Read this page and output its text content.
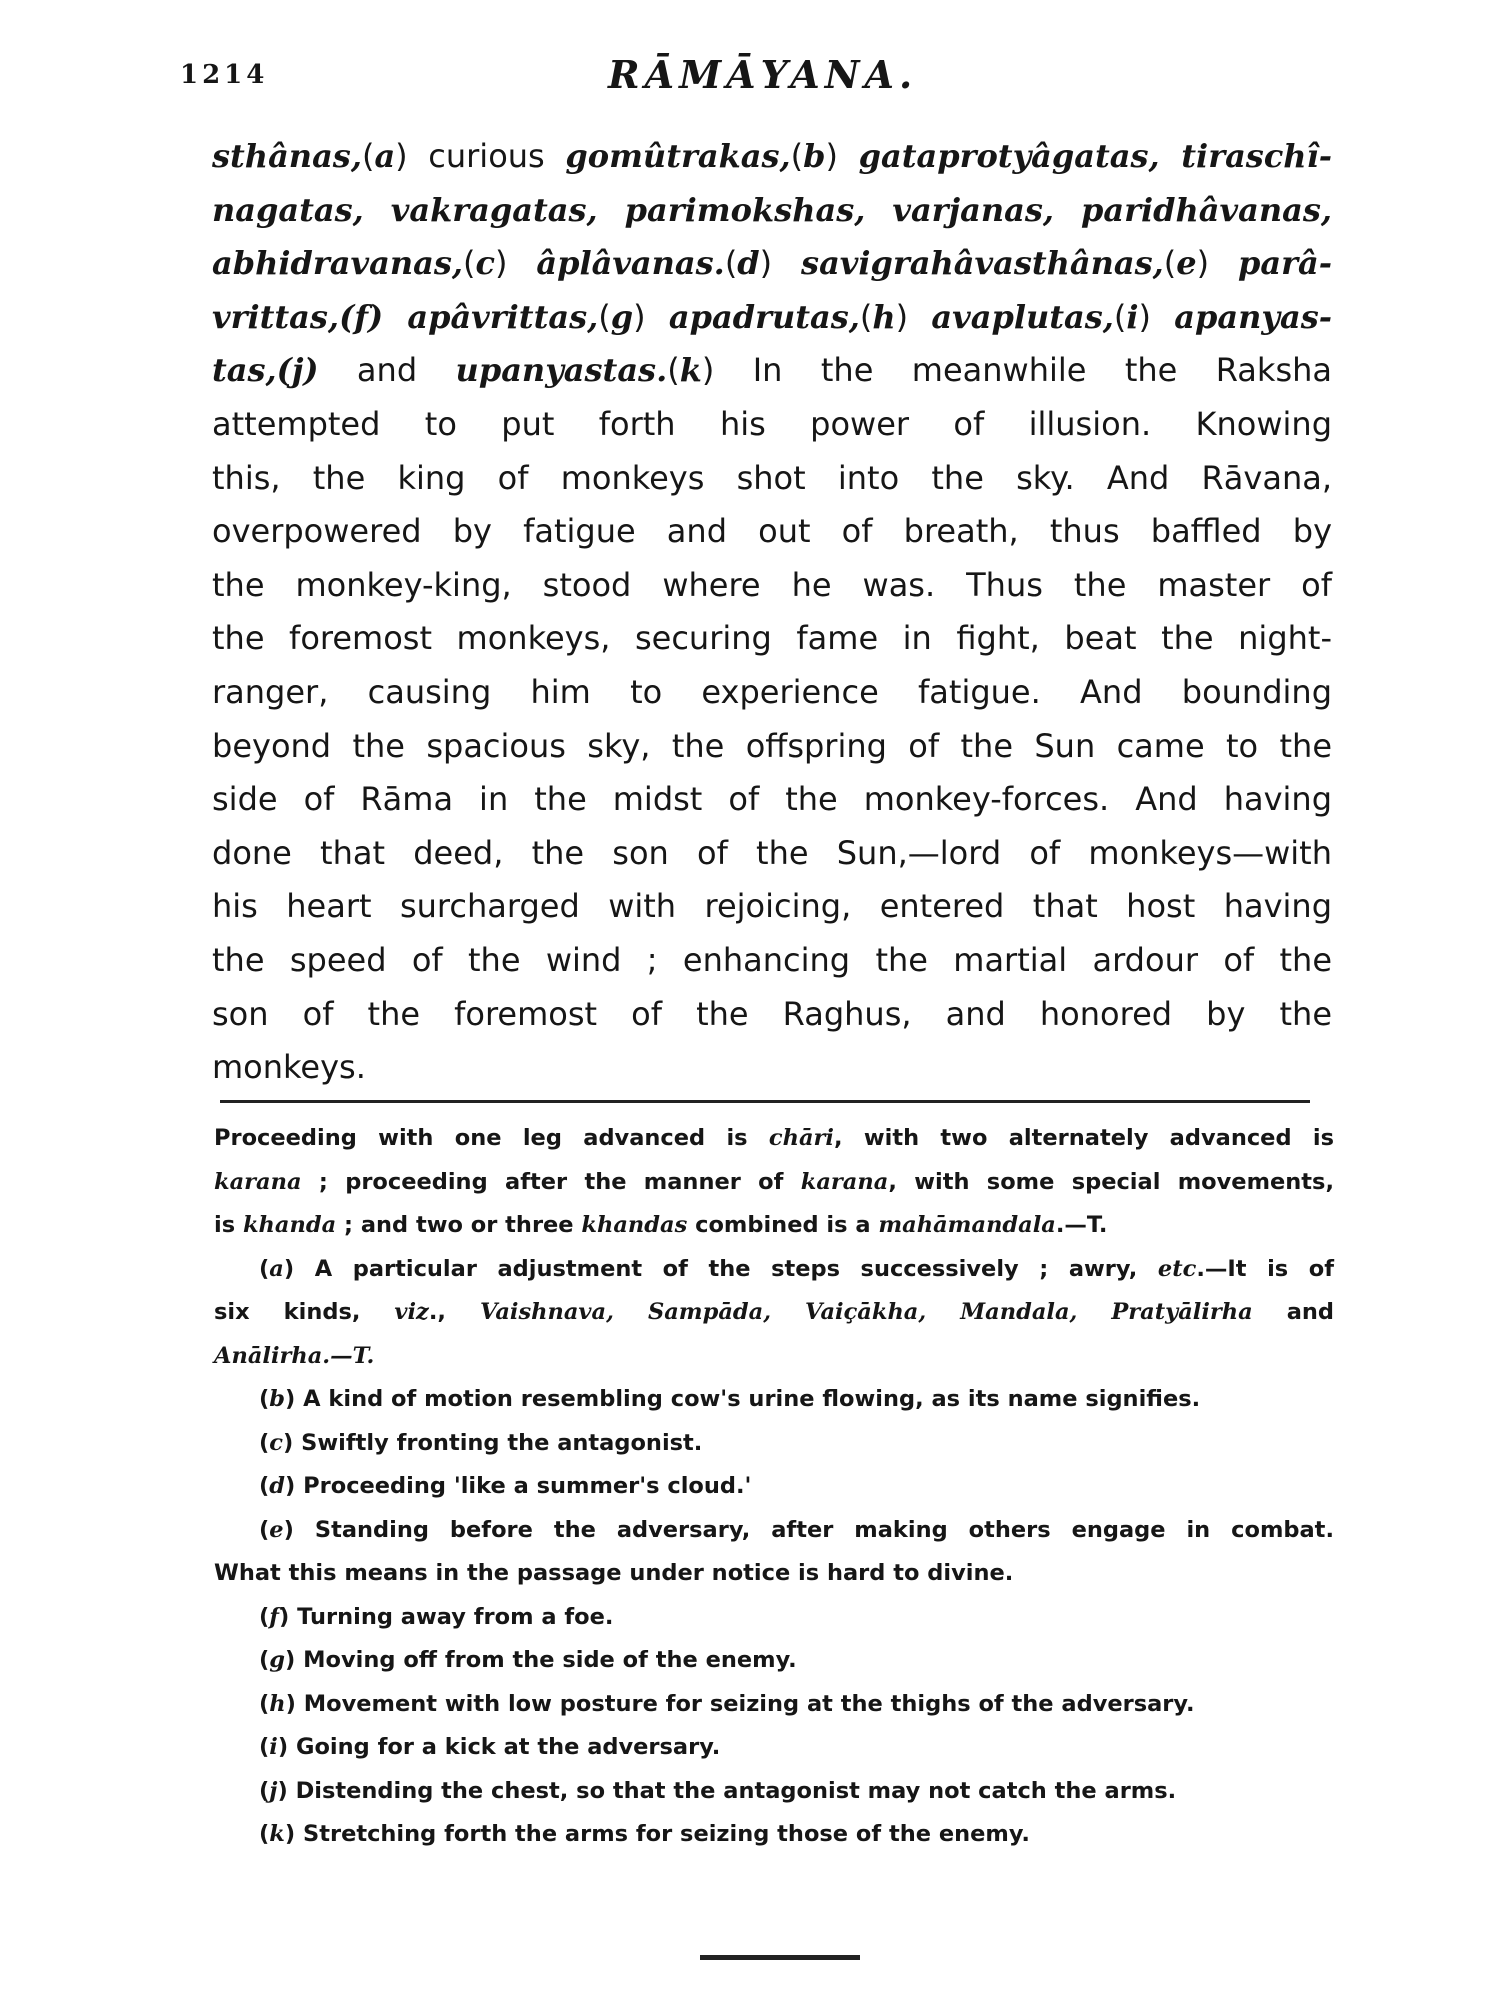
1214	RĀMĀYANA.
sthânas,(a) curious gomûtrakas,(b) gataprotyâgatas, tiraschî-
nagatas, vakragatas, parimokshas, varjanas, paridhâvanas,
abhidravanas,(c) âplâvanas.(d) savigrahâvasthânas,(e) parâ-
vrittas,(f) apâvrittas,(g) apadrutas,(h) avaplutas,(i) apanyas-
tas,(j) and upanyastas.(k) In the meanwhile the Raksha
attempted to put forth his power of illusion. Knowing
this, the king of monkeys shot into the sky. And Rāvana,
overpowered by fatigue and out of breath, thus baffled by
the monkey-king, stood where he was. Thus the master of
the foremost monkeys, securing fame in fight, beat the night-
ranger, causing him to experience fatigue. And bounding
beyond the spacious sky, the offspring of the Sun came to the
side of Rāma in the midst of the monkey-forces. And having
done that deed, the son of the Sun,—lord of monkeys—with
his heart surcharged with rejoicing, entered that host having
the speed of the wind ; enhancing the martial ardour of the
son of the foremost of the Raghus, and honored by the
monkeys.
Proceeding with one leg advanced is chāri, with two alternately advanced is
karana ; proceeding after the manner of karana, with some special movements,
is khanda ; and two or three khandas combined is a mahāmandala.—T.
(a) A particular adjustment of the steps successively ; awry, etc.—It is of
six kinds, viz., Vaishnava, Sampāda, Vaiçākha, Mandala, Pratyālirha and
Anālirha.—T.
(b) A kind of motion resembling cow's urine flowing, as its name signifies.
(c) Swiftly fronting the antagonist.
(d) Proceeding 'like a summer's cloud.'
(e) Standing before the adversary, after making others engage in combat.
What this means in the passage under notice is hard to divine.
(f) Turning away from a foe.
(g) Moving off from the side of the enemy.
(h) Movement with low posture for seizing at the thighs of the adversary.
(i) Going for a kick at the adversary.
(j) Distending the chest, so that the antagonist may not catch the arms.
(k) Stretching forth the arms for seizing those of the enemy.
